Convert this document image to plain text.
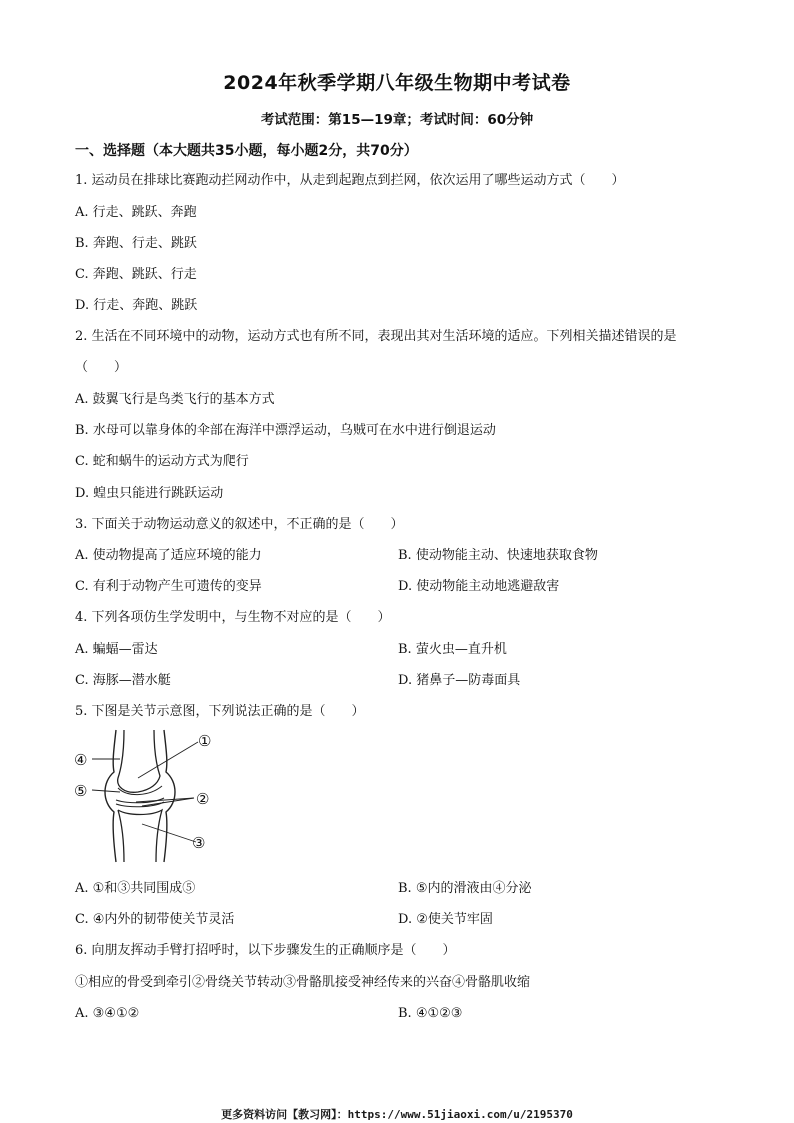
2024年秋季学期八年级生物期中考试卷
考试范围：第15—19章；考试时间：60分钟
一、选择题（本大题共35小题，每小题2分，共70分）
1. 运动员在排球比赛跑动拦网动作中，从走到起跑点到拦网，依次运用了哪些运动方式（　　）
A. 行走、跳跃、奔跑
B. 奔跑、行走、跳跃
C. 奔跑、跳跃、行走
D. 行走、奔跑、跳跃
2. 生活在不同环境中的动物，运动方式也有所不同，表现出其对生活环境的适应。下列相关描述错误的是
（　　）
A. 鼓翼飞行是鸟类飞行的基本方式
B. 水母可以靠身体的伞部在海洋中漂浮运动，乌贼可在水中进行倒退运动
C. 蛇和蜗牛的运动方式为爬行
D. 蝗虫只能进行跳跃运动
3. 下面关于动物运动意义的叙述中，不正确的是（　　）
A. 使动物提高了适应环境的能力	B. 使动物能主动、快速地获取食物
C. 有利于动物产生可遗传的变异	D. 使动物能主动地逃避敌害
4. 下列各项仿生学发明中，与生物不对应的是（　　）
A. 蝙蝠—雷达	B. 萤火虫—直升机
C. 海豚—潜水艇	D. 猪鼻子—防毒面具
5. 下图是关节示意图，下列说法正确的是（　　）
①
②
③
④
⑤
A. ①和③共同围成⑤	B. ⑤内的滑液由④分泌
C. ④内外的韧带使关节灵活	D. ②使关节牢固
6. 向朋友挥动手臂打招呼时，以下步骤发生的正确顺序是（　　）
①相应的骨受到牵引②骨绕关节转动③骨骼肌接受神经传来的兴奋④骨骼肌收缩
A. ③④①②	B. ④①②③
更多资料访问【教习网】：https://www.51jiaoxi.com/u/2195370
